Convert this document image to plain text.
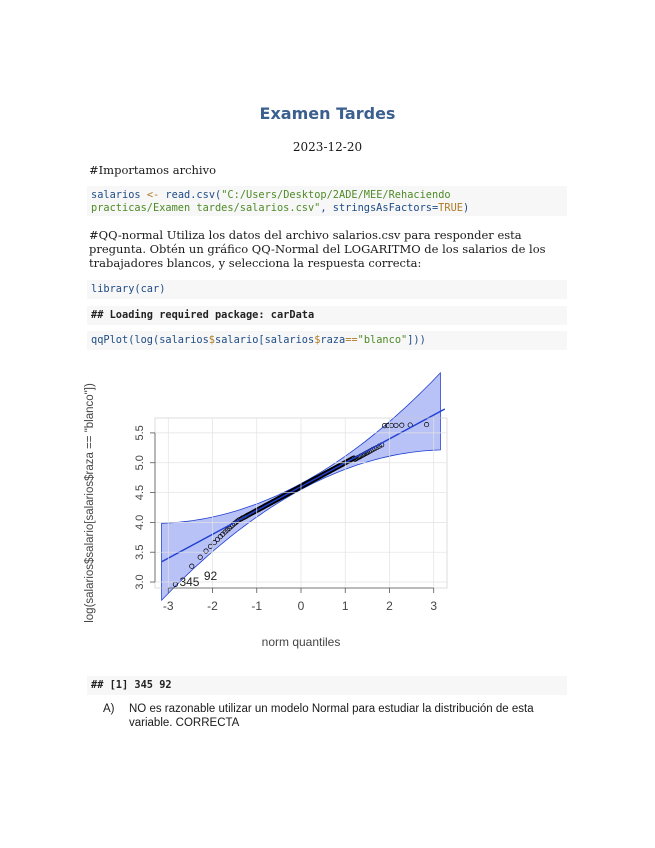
Examen Tardes
2023-12-20
#Importamos archivo
salarios <- read.csv("C:/Users/Desktop/2ADE/MEE/Rehaciendo
practicas/Examen tardes/salarios.csv", stringsAsFactors=TRUE)
#QQ-normal Utiliza los datos del archivo salarios.csv para responder esta pregunta. Obtén un gráfico QQ-Normal del LOGARITMO de los salarios de los trabajadores blancos, y selecciona la respuesta correcta:
library(car)
## Loading required package: carData
qqPlot(log(salarios$salario[salarios$raza=="blanco"]))
-3	-2	-1	0	1	2	3
3.0
3.5
4.0
4.5
5.0
5.5
345 92
norm quantiles
log(salarios$salario[salarios$raza == "blanco"])
## [1] 345 92
A) NO es razonable utilizar un modelo Normal para estudiar la distribución de esta variable. CORRECTA
